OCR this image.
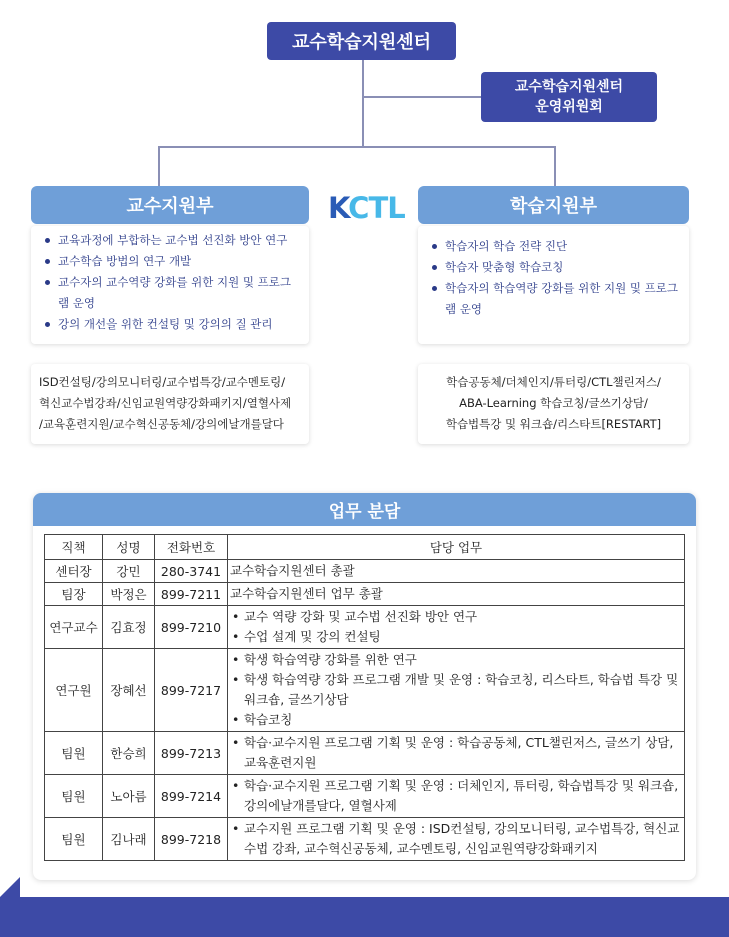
교수학습지원센터
교수학습지원센터
운영위원회
KCTL
교수지원부
교육과정에 부합하는 교수법 선진화 방안 연구
교수학습 방법의 연구 개발
교수자의 교수역량 강화를 위한 지원 및 프로그램 운영
강의 개선을 위한 컨설팅 및 강의의 질 관리
ISD컨설팅/강의모니터링/교수법특강/교수멘토링/
혁신교수법강좌/신임교원역량강화패키지/열혈사제
/교육훈련지원/교수혁신공동체/강의에날개를달다
학습지원부
학습자의 학습 전략 진단
학습자 맞춤형 학습코칭
학습자의 학습역량 강화를 위한 지원 및 프로그램 운영
학습공동체/더체인지/튜터링/CTL챌린저스/
ABA-Learning 학습코칭/글쓰기상담/
학습법특강 및 워크숍/리스타트[RESTART]
업무 분담
직책	성명	전화번호	담당 업무
센터장	강민	280-3741	교수학습지원센터 총괄

팀장	박정은	899-7211	교수학습지원센터 업무 총괄

연구교수	김효정	899-7210	• 교수 역량 강화 및 교수법 선진화 방안 연구
• 수업 설계 및 강의 컨설팅

연구원	장혜선	899-7217	• 학생 학습역량 강화를 위한 연구
• 학생 학습역량 강화 프로그램 개발 및 운영 : 학습코칭, 리스타트, 학습법 특강 및 워크숍, 글쓰기상담
• 학습코칭

팀원	한승희	899-7213	• 학습·교수지원 프로그램 기획 및 운영 : 학습공동체, CTL챌린저스, 글쓰기 상담, 교육훈련지원

팀원	노아름	899-7214	• 학습·교수지원 프로그램 기획 및 운영 : 더체인지, 튜터링, 학습법특강 및 워크숍, 강의에날개를달다, 열혈사제

팀원	김나래	899-7218	• 교수지원 프로그램 기획 및 운영 : ISD컨설팅, 강의모니터링, 교수법특강, 혁신교수법 강좌, 교수혁신공동체, 교수멘토링, 신임교원역량강화패키지
